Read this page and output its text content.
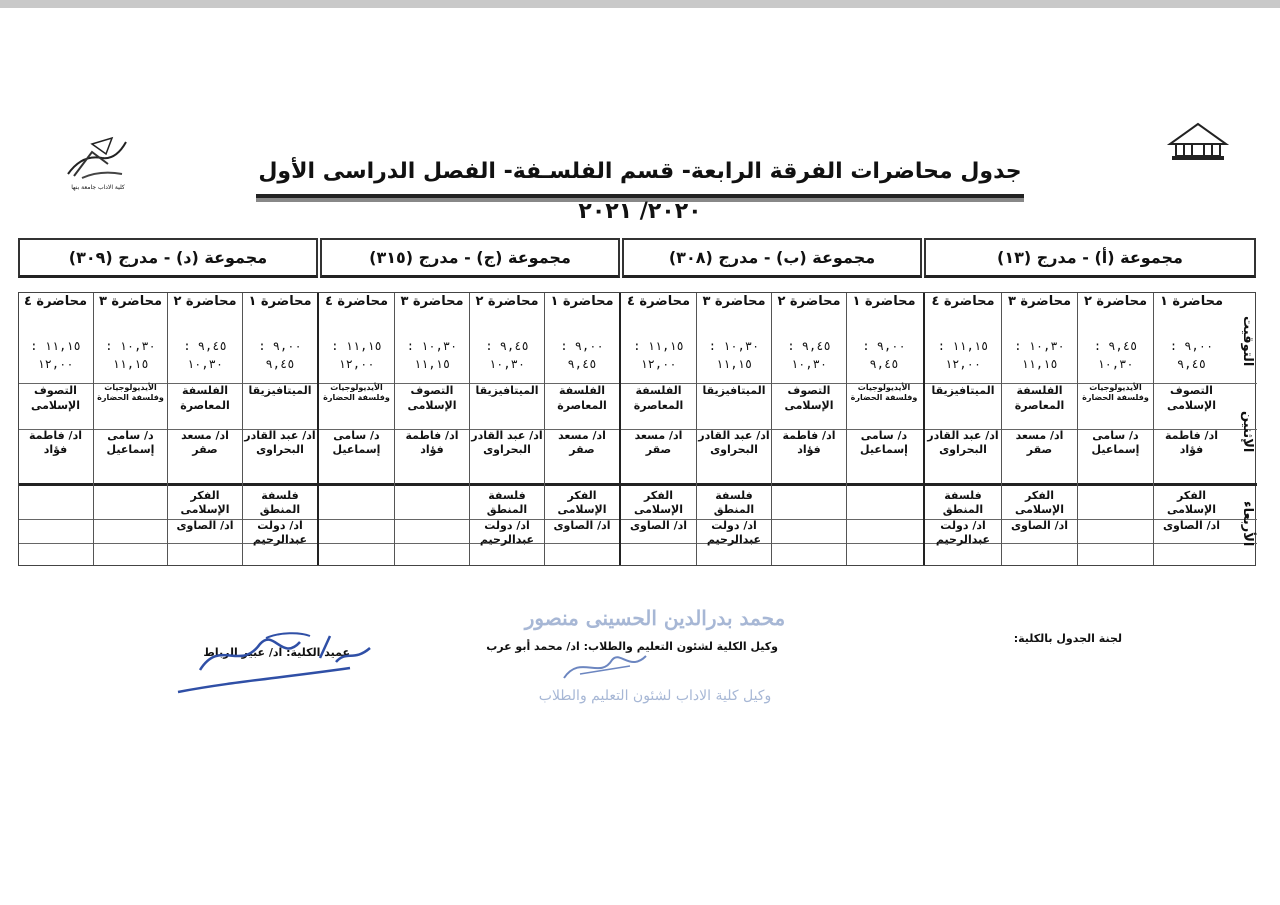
كلية الاداب جامعة بنها
جدول محاضرات الفرقة الرابعة- قسم الفلسـفة- الفصل الدراسى الأول ٢٠٢٠/ ٢٠٢١
مجموعة (أ) - مدرج (١٣)
مجموعة (ب) - مدرج (٣٠٨)
مجموعة (ج) - مدرج (٣١٥)
مجموعة (د) - مدرج (٣٠٩)
التوقيت
الإثنين
الأربعاء
محاضرة ١
٩,٠٠ : ٩,٤٥
التصوف الإسلامى
اد/ فاطمة فؤاد
الفكر الإسلامى
اد/ الصاوى
محاضرة ٢
٩,٤٥ : ١٠,٣٠
الأيديولوجيات وفلسفة الحضارة
د/ سامى إسماعيل
محاضرة ٣
١٠,٣٠ : ١١,١٥
الفلسفة المعاصرة
اد/ مسعد صقر
الفكر الإسلامى
اد/ الصاوى
محاضرة ٤
١١,١٥ : ١٢,٠٠
الميتافيزيقا
اد/ عبد القادر البحراوى
فلسفة المنطق
اد/ دولت عبدالرحيم
محاضرة ١
٩,٠٠ : ٩,٤٥
الأيديولوجيات وفلسفة الحضارة
د/ سامى إسماعيل
محاضرة ٢
٩,٤٥ : ١٠,٣٠
التصوف الإسلامى
اد/ فاطمة فؤاد
محاضرة ٣
١٠,٣٠ : ١١,١٥
الميتافيزيقا
اد/ عبد القادر البحراوى
فلسفة المنطق
اد/ دولت عبدالرحيم
محاضرة ٤
١١,١٥ : ١٢,٠٠
الفلسفة المعاصرة
اد/ مسعد صقر
الفكر الإسلامى
اد/ الصاوى
محاضرة ١
٩,٠٠ : ٩,٤٥
الفلسفة المعاصرة
اد/ مسعد صقر
الفكر الإسلامى
اد/ الصاوى
محاضرة ٢
٩,٤٥ : ١٠,٣٠
الميتافيزيقا
اد/ عبد القادر البحراوى
فلسفة المنطق
اد/ دولت عبدالرحيم
محاضرة ٣
١٠,٣٠ : ١١,١٥
التصوف الإسلامى
اد/ فاطمة فؤاد
محاضرة ٤
١١,١٥ : ١٢,٠٠
الأيديولوجيات وفلسفة الحضارة
د/ سامى إسماعيل
محاضرة ١
٩,٠٠ : ٩,٤٥
الميتافيزيقا
اد/ عبد القادر البحراوى
فلسفة المنطق
اد/ دولت عبدالرحيم
محاضرة ٢
٩,٤٥ : ١٠,٣٠
الفلسفة المعاصرة
اد/ مسعد صقر
الفكر الإسلامى
اد/ الصاوى
محاضرة ٣
١٠,٣٠ : ١١,١٥
الأيديولوجيات وفلسفة الحضارة
د/ سامى إسماعيل
محاضرة ٤
١١,١٥ : ١٢,٠٠
التصوف الإسلامى
اد/ فاطمة فؤاد
لجنة الجدول بالكلية:
وكيل الكلية لشئون التعليم والطلاب: اد/ محمد أبو عرب
عميد الكلية: اد/ عبير الرباط
محمد بدرالدين الحسينى منصور
وكيل كلية الاداب لشئون التعليم والطلاب
